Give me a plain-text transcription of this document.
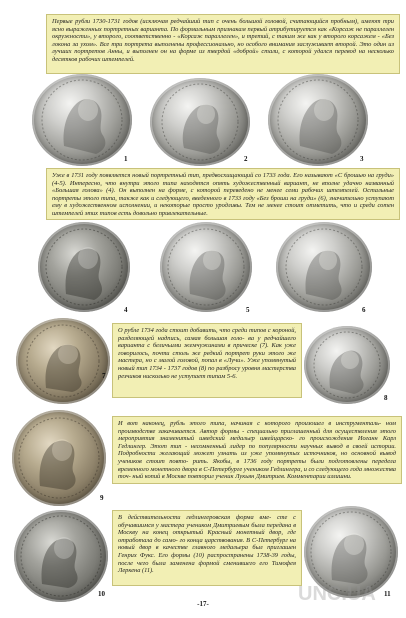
Первые рубли 1730-1731 годов (исключая редчайший тип с очень большой головой, считающийся пробным), имеют три ясно выраженных портретных варианта. По формальным признакам первый атрибутируется как «Корсаж не параллелен окружности», у второго, соответственно - «Корсаж параллелен», и третий, с таким же как у второго корсажем - «Без локона за ухом». Все три портрета выполнены профессионально, но особого внимания заслуживает второй. Это один из лучших портретов Анны, и выполнен он на форме из твердой «доброй» стали, с которой удался перевод на несколько десятков рабочих штемпелей.
Уже в 1731 году появляется новый портретный тип, предвосхищающий со 1733 года. Его называют «С брошью на груди» (4-5). Интересно, что внутри этого типа находятся опять художественный вариант, не вполне удачно названный «Большая голова» (4). Он выполнен на форме, с которой переведено не менее семи рабочих штемпелей. Остальные портреты этого типа, также как и следующего, введенного в 1733 году «Без броши на груди» (6), значительно уступают ему в художественном исполнении, и некоторые просто уродливы. Тем не менее стоит отметить, что и среди сотен штемпелей этих типов есть довольно привлекательные.
О рубле 1734 года стоит добавить, что среди типов с короной, разделяющей надпись, самая большая голо- ва у редчайшего варианта с беличьими жемчужинами в прическе (7). Как уже говорилось, почти столь же редкий портрет руки этого же мастера, но с малой головой, попал в «Лучи». Уже упомянутый новый тип 1734 - 1737 годов (8) по разбросу уровня мастерства резчиков нисколько не уступает типам 5-6.
И вот наконец, рубль этого типа, начиная с которого произошел в инструменталь- ном производстве закачивается. Автор формы - специально приглашенный для осуществления этого мероприятия знаменитый шведский медальер швейцарско- го происхождения Иоганн Карл Гедлингер. Этот тип - несомненный лидер по популярности научных вывод в своей истории. Подробности желающий может узнать из уже упомянутых источников, но основной вывод учеников стоит повто- рить. Якобы, в 1736 году портреты были подготовлены передела временного монетного двора в С-Петербурге учеником Гедлингера, и со следующего года множества точ- ный копий в Москве повторил ученик Лукьян Дмитриев. Комментарии излишни.
В действительности гедлингеровская форма вме- сте с обучавшимся у мастера учеником Дмитриевым была передана в Москву на конец открытый Красный монетный двор, где отработала до само- го конца царствования. В С-Петербург на новый двор в качестве главного медальера был приглашен Генрих Фукс. Его формы (10) распространены 1738-39 годы, после чего была заменена формой сменившего его Тимофея Леркена (11).
1	2	3
4	5	6
7
8
9
10	11
-17-	UNC.UA
